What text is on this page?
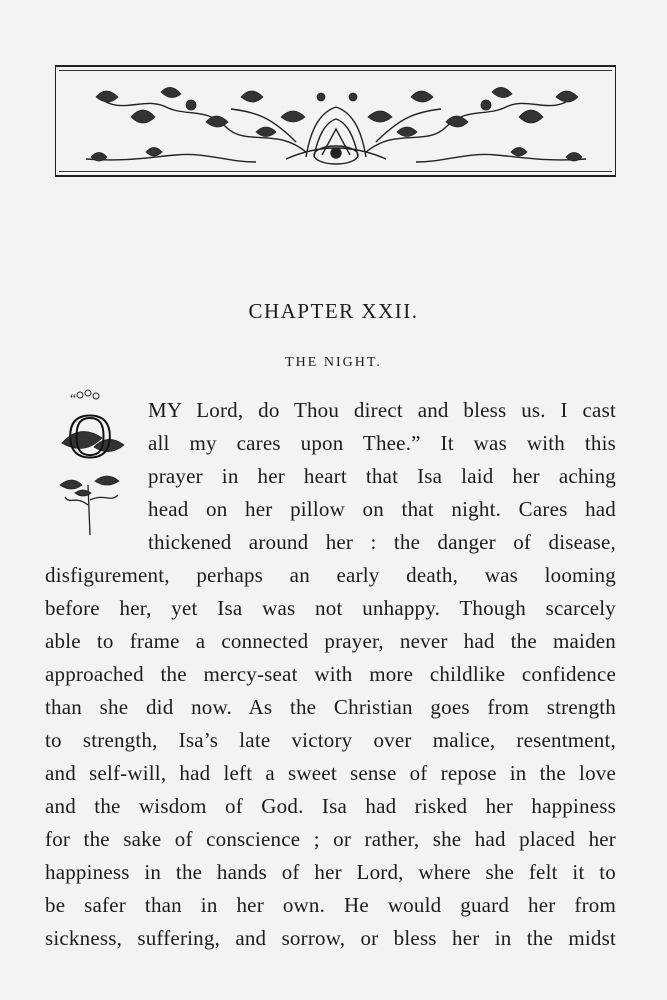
CHAPTER XXII.
THE NIGHT.
“
O MY Lord, do Thou direct and bless us. I cast
all my cares upon Thee.” It was with this
prayer in her heart that Isa laid her aching
head on her pillow on that night. Cares had
thickened around her : the danger of disease,
disfigurement, perhaps an early death, was looming
before her, yet Isa was not unhappy. Though scarcely
able to frame a connected prayer, never had the maiden
approached the mercy-seat with more childlike confidence
than she did now. As the Christian goes from strength
to strength, Isa’s late victory over malice, resentment,
and self-will, had left a sweet sense of repose in the love
and the wisdom of God. Isa had risked her happiness
for the sake of conscience ; or rather, she had placed her
happiness in the hands of her Lord, where she felt it to
be safer than in her own. He would guard her from
sickness, suffering, and sorrow, or bless her in the midst
